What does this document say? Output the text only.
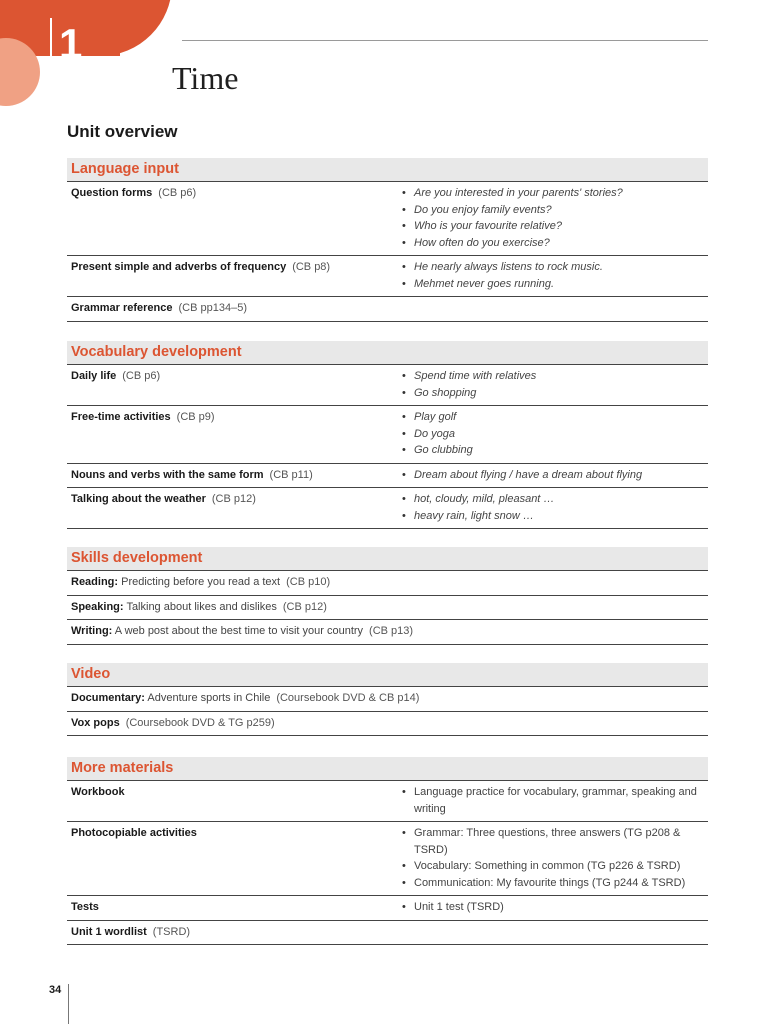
1
Time
Unit overview
Language input
Question forms (CB p6)	• Are you interested in your parents' stories?
• Do you enjoy family events?
• Who is your favourite relative?
• How often do you exercise?
Present simple and adverbs of frequency (CB p8)	• He nearly always listens to rock music.
• Mehmet never goes running.
Grammar reference (CB pp134–5)
Vocabulary development
Daily life (CB p6)	• Spend time with relatives
• Go shopping
Free-time activities (CB p9)	• Play golf
• Do yoga
• Go clubbing
Nouns and verbs with the same form (CB p11)	• Dream about flying / have a dream about flying
Talking about the weather (CB p12)	• hot, cloudy, mild, pleasant …
• heavy rain, light snow …
Skills development
Reading: Predicting before you read a text (CB p10)
Speaking: Talking about likes and dislikes (CB p12)
Writing: A web post about the best time to visit your country (CB p13)
Video
Documentary: Adventure sports in Chile (Coursebook DVD & CB p14)
Vox pops (Coursebook DVD & TG p259)
More materials
Workbook	• Language practice for vocabulary, grammar, speaking and writing
Photocopiable activities	• Grammar: Three questions, three answers (TG p208 & TSRD)
• Vocabulary: Something in common (TG p226 & TSRD)
• Communication: My favourite things (TG p244 & TSRD)
Tests	• Unit 1 test (TSRD)
Unit 1 wordlist (TSRD)
34
